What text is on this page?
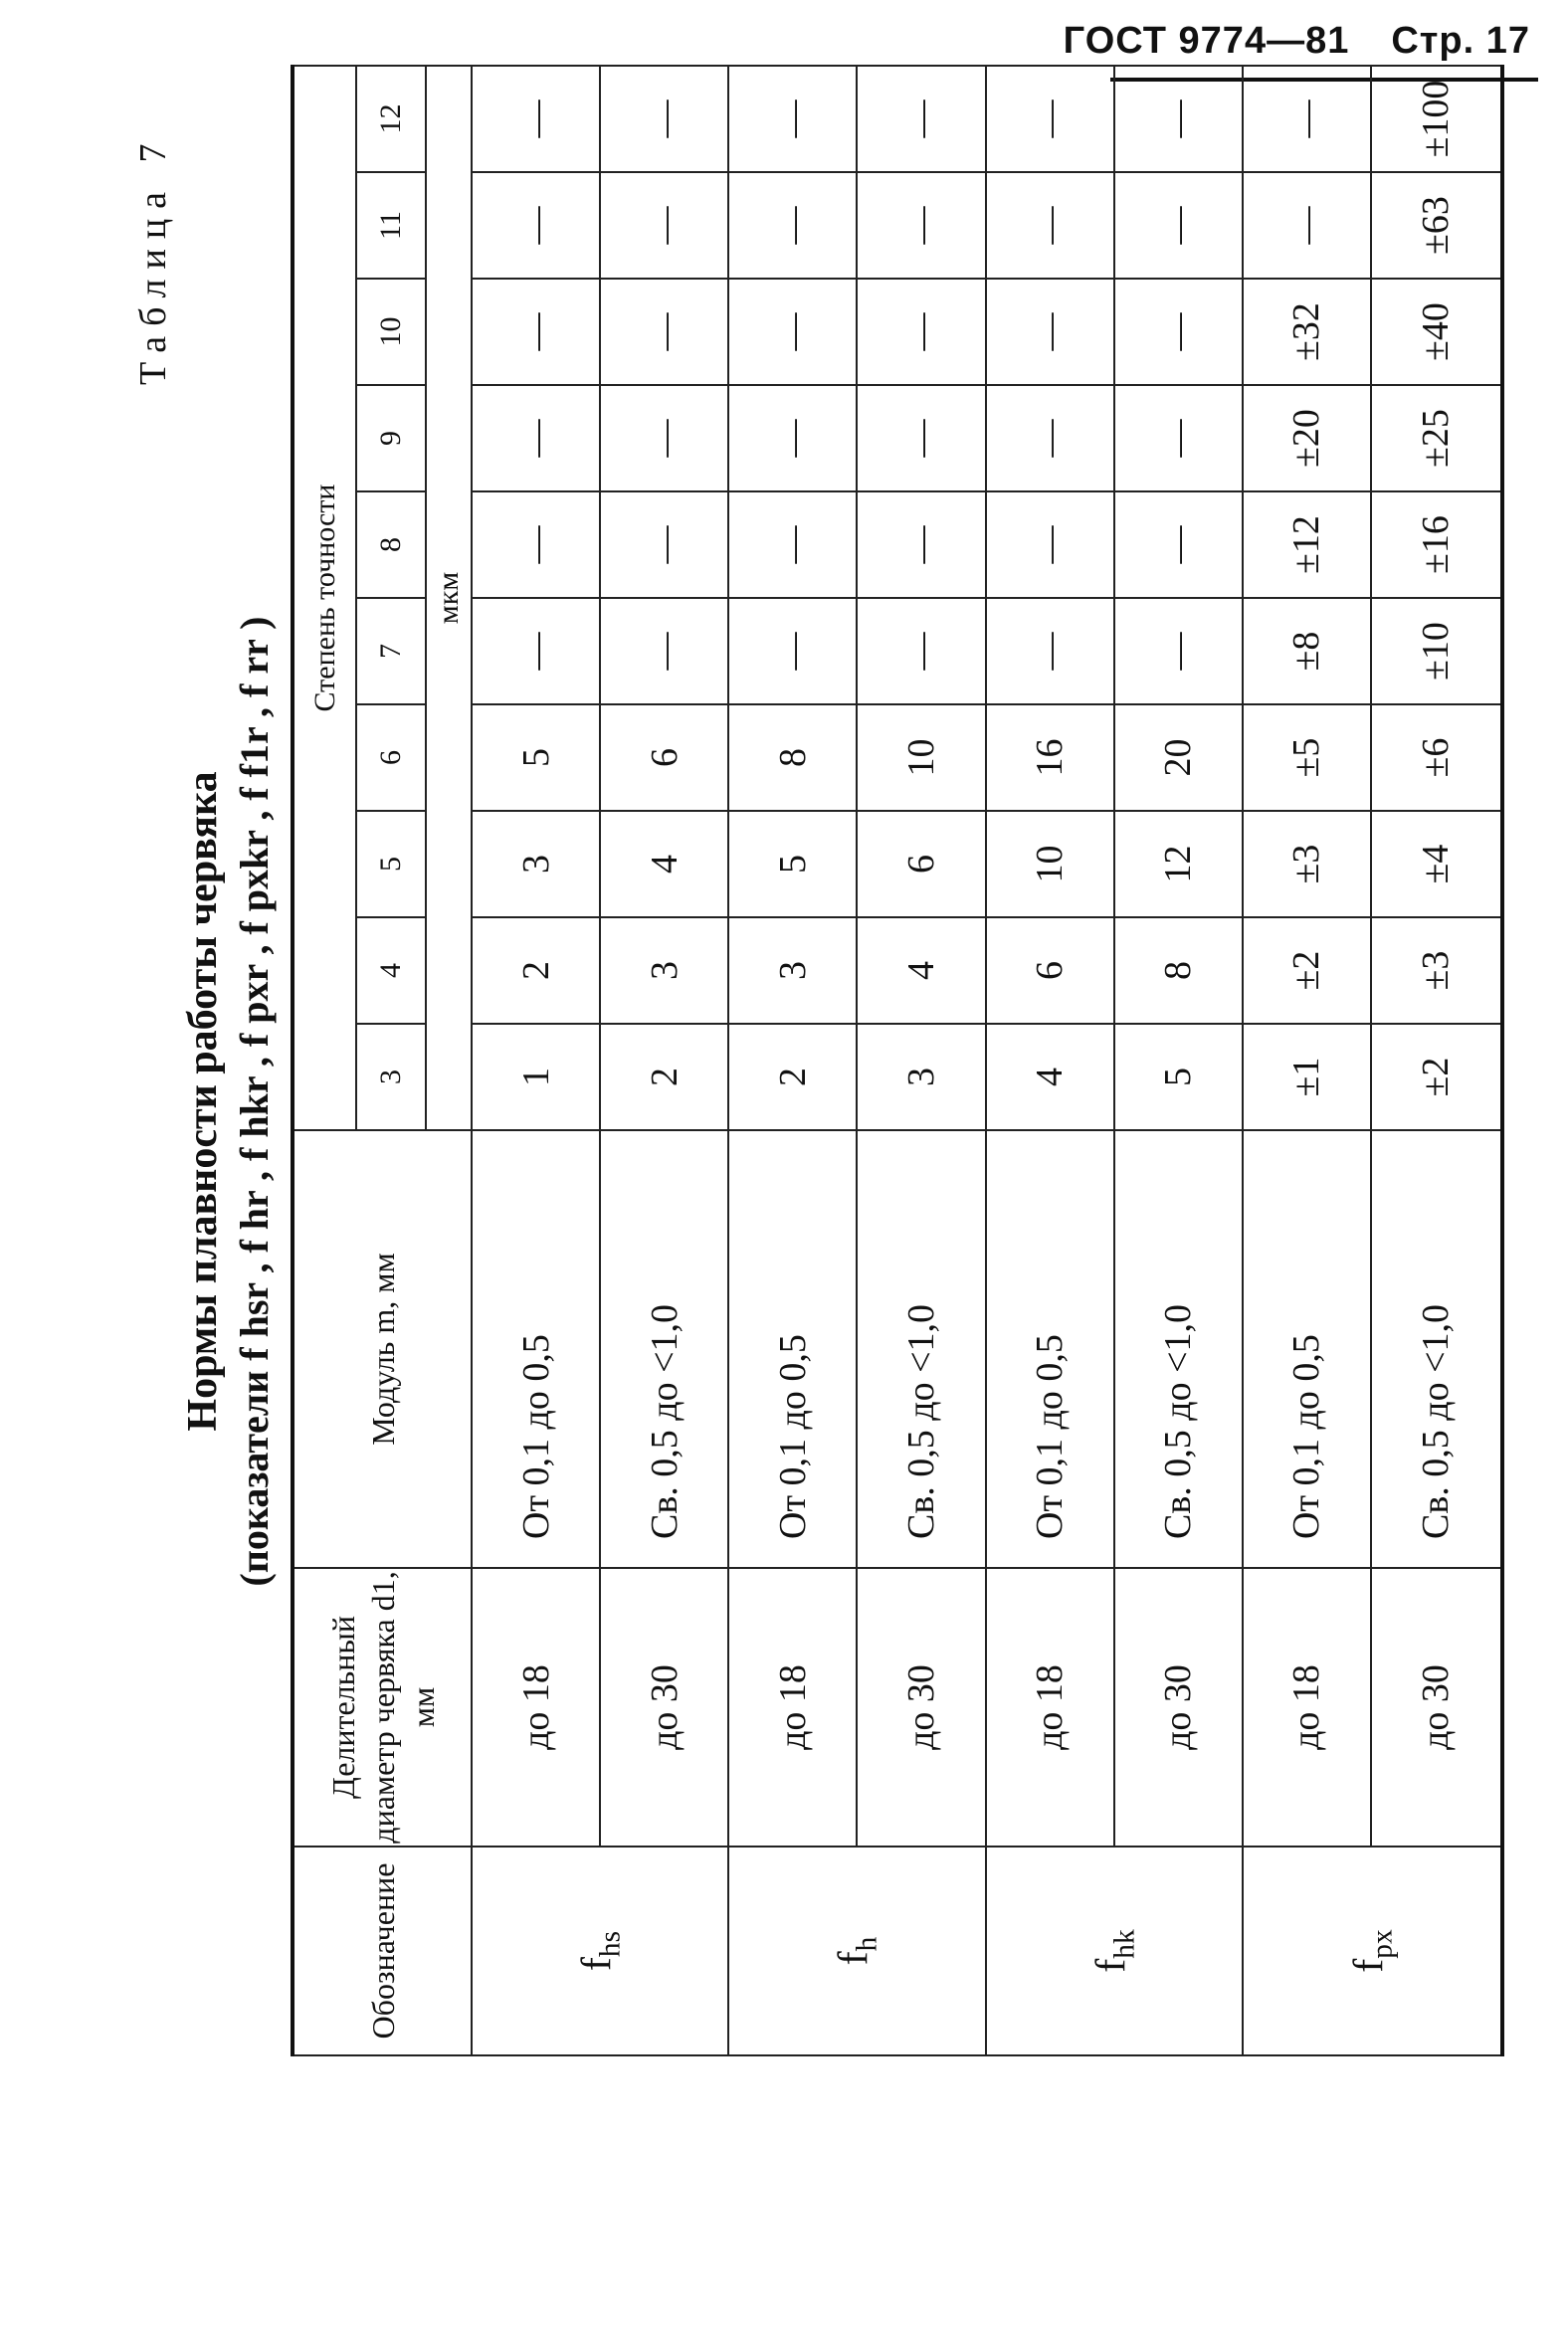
ГОСТ 9774—81 Стр. 17
Таблица 7
Нормы плавности работы червяка (показатели f hsr , f hr , f hkr , f pxr , f pxkr , f f1r , f rr )
Обозначение	Делительный диаметр червяка d1, мм	Модуль m, мм	Степень точности									
			3	4	5	6	7	8	9	10	11	12
			мкм									
$f_{hs}$	до 18	От 0,1 до 0,5	1	2	3	5	—	—	—	—	—	—
	до 30	Св. 0,5 до <1,0	2	3	4	6	—	—	—	—	—	—
$f_h$	до 18	От 0,1 до 0,5	2	3	5	8	—	—	—	—	—	—
	до 30	Св. 0,5 до <1,0	3	4	6	10	—	—	—	—	—	—
$f_{hk}$	до 18	От 0,1 до 0,5	4	6	10	16	—	—	—	—	—	—
	до 30	Св. 0,5 до <1,0	5	8	12	20	—	—	—	—	—	—
$f_{px}$	до 18	От 0,1 до 0,5	±1	±2	±3	±5	±8	±12	±20	±32	—	—
	до 30	Св. 0,5 до <1,0	±2	±3	±4	±6	±10	±16	±25	±40	±63	±100
